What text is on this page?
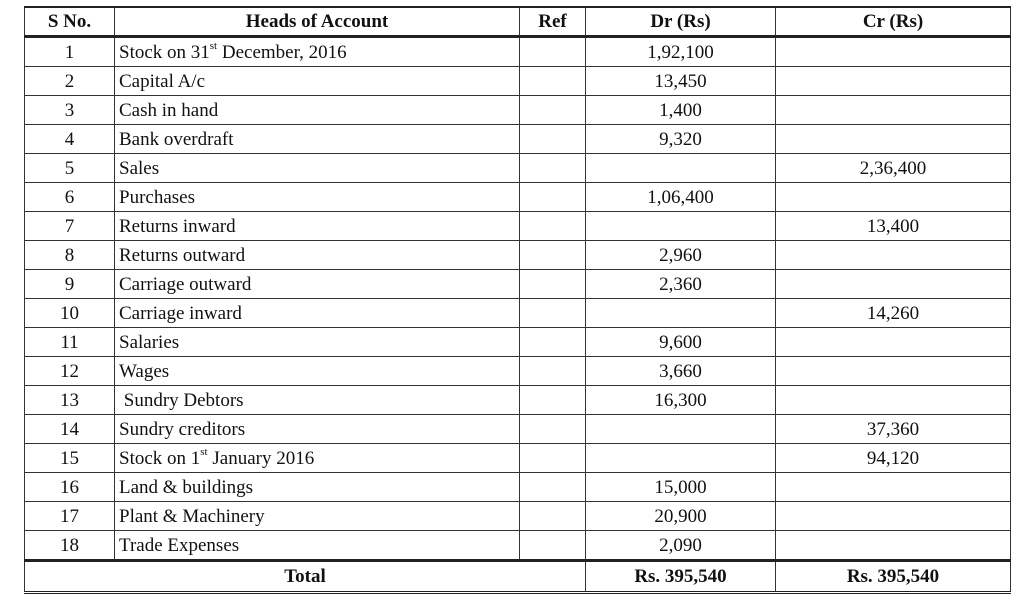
S No.	Heads of Account	Ref	Dr (Rs)	Cr (Rs)
1	Stock on 31st December, 2016		1,92,100	
2	Capital A/c		13,450	
3	Cash in hand		1,400	
4	Bank overdraft		9,320	
5	Sales			2,36,400
6	Purchases		1,06,400	
7	Returns inward			13,400
8	Returns outward		2,960	
9	Carriage outward		2,360	
10	Carriage inward			14,260
11	Salaries		9,600	
12	Wages		3,660	
13	Sundry Debtors		16,300	
14	Sundry creditors			37,360
15	Stock on 1st January 2016			94,120
16	Land & buildings		15,000	
17	Plant & Machinery		20,900	
18	Trade Expenses		2,090	
Total			Rs. 395,540	Rs. 395,540
